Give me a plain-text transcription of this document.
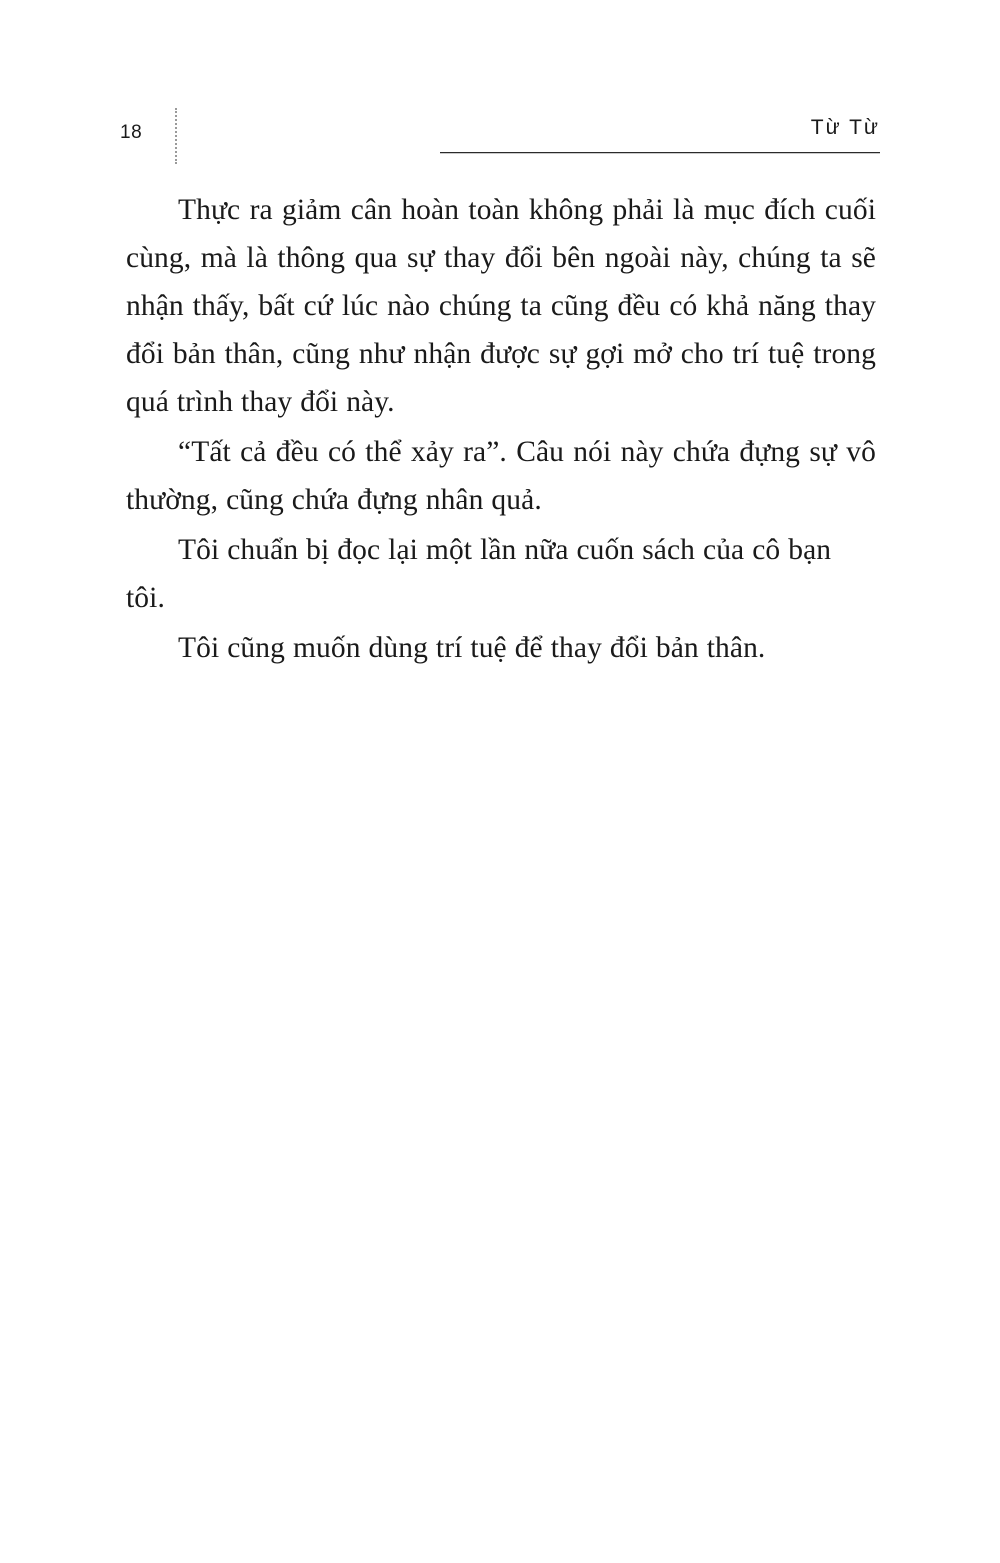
18	Từ Từ

Thực ra giảm cân hoàn toàn không phải là mục đích cuối cùng, mà là thông qua sự thay đổi bên ngoài này, chúng ta sẽ nhận thấy, bất cứ lúc nào chúng ta cũng đều có khả năng thay đổi bản thân, cũng như nhận được sự gợi mở cho trí tuệ trong quá trình thay đổi này.

“Tất cả đều có thể xảy ra”. Câu nói này chứa đựng sự vô thường, cũng chứa đựng nhân quả.

Tôi chuẩn bị đọc lại một lần nữa cuốn sách của cô bạn tôi.

Tôi cũng muốn dùng trí tuệ để thay đổi bản thân.
